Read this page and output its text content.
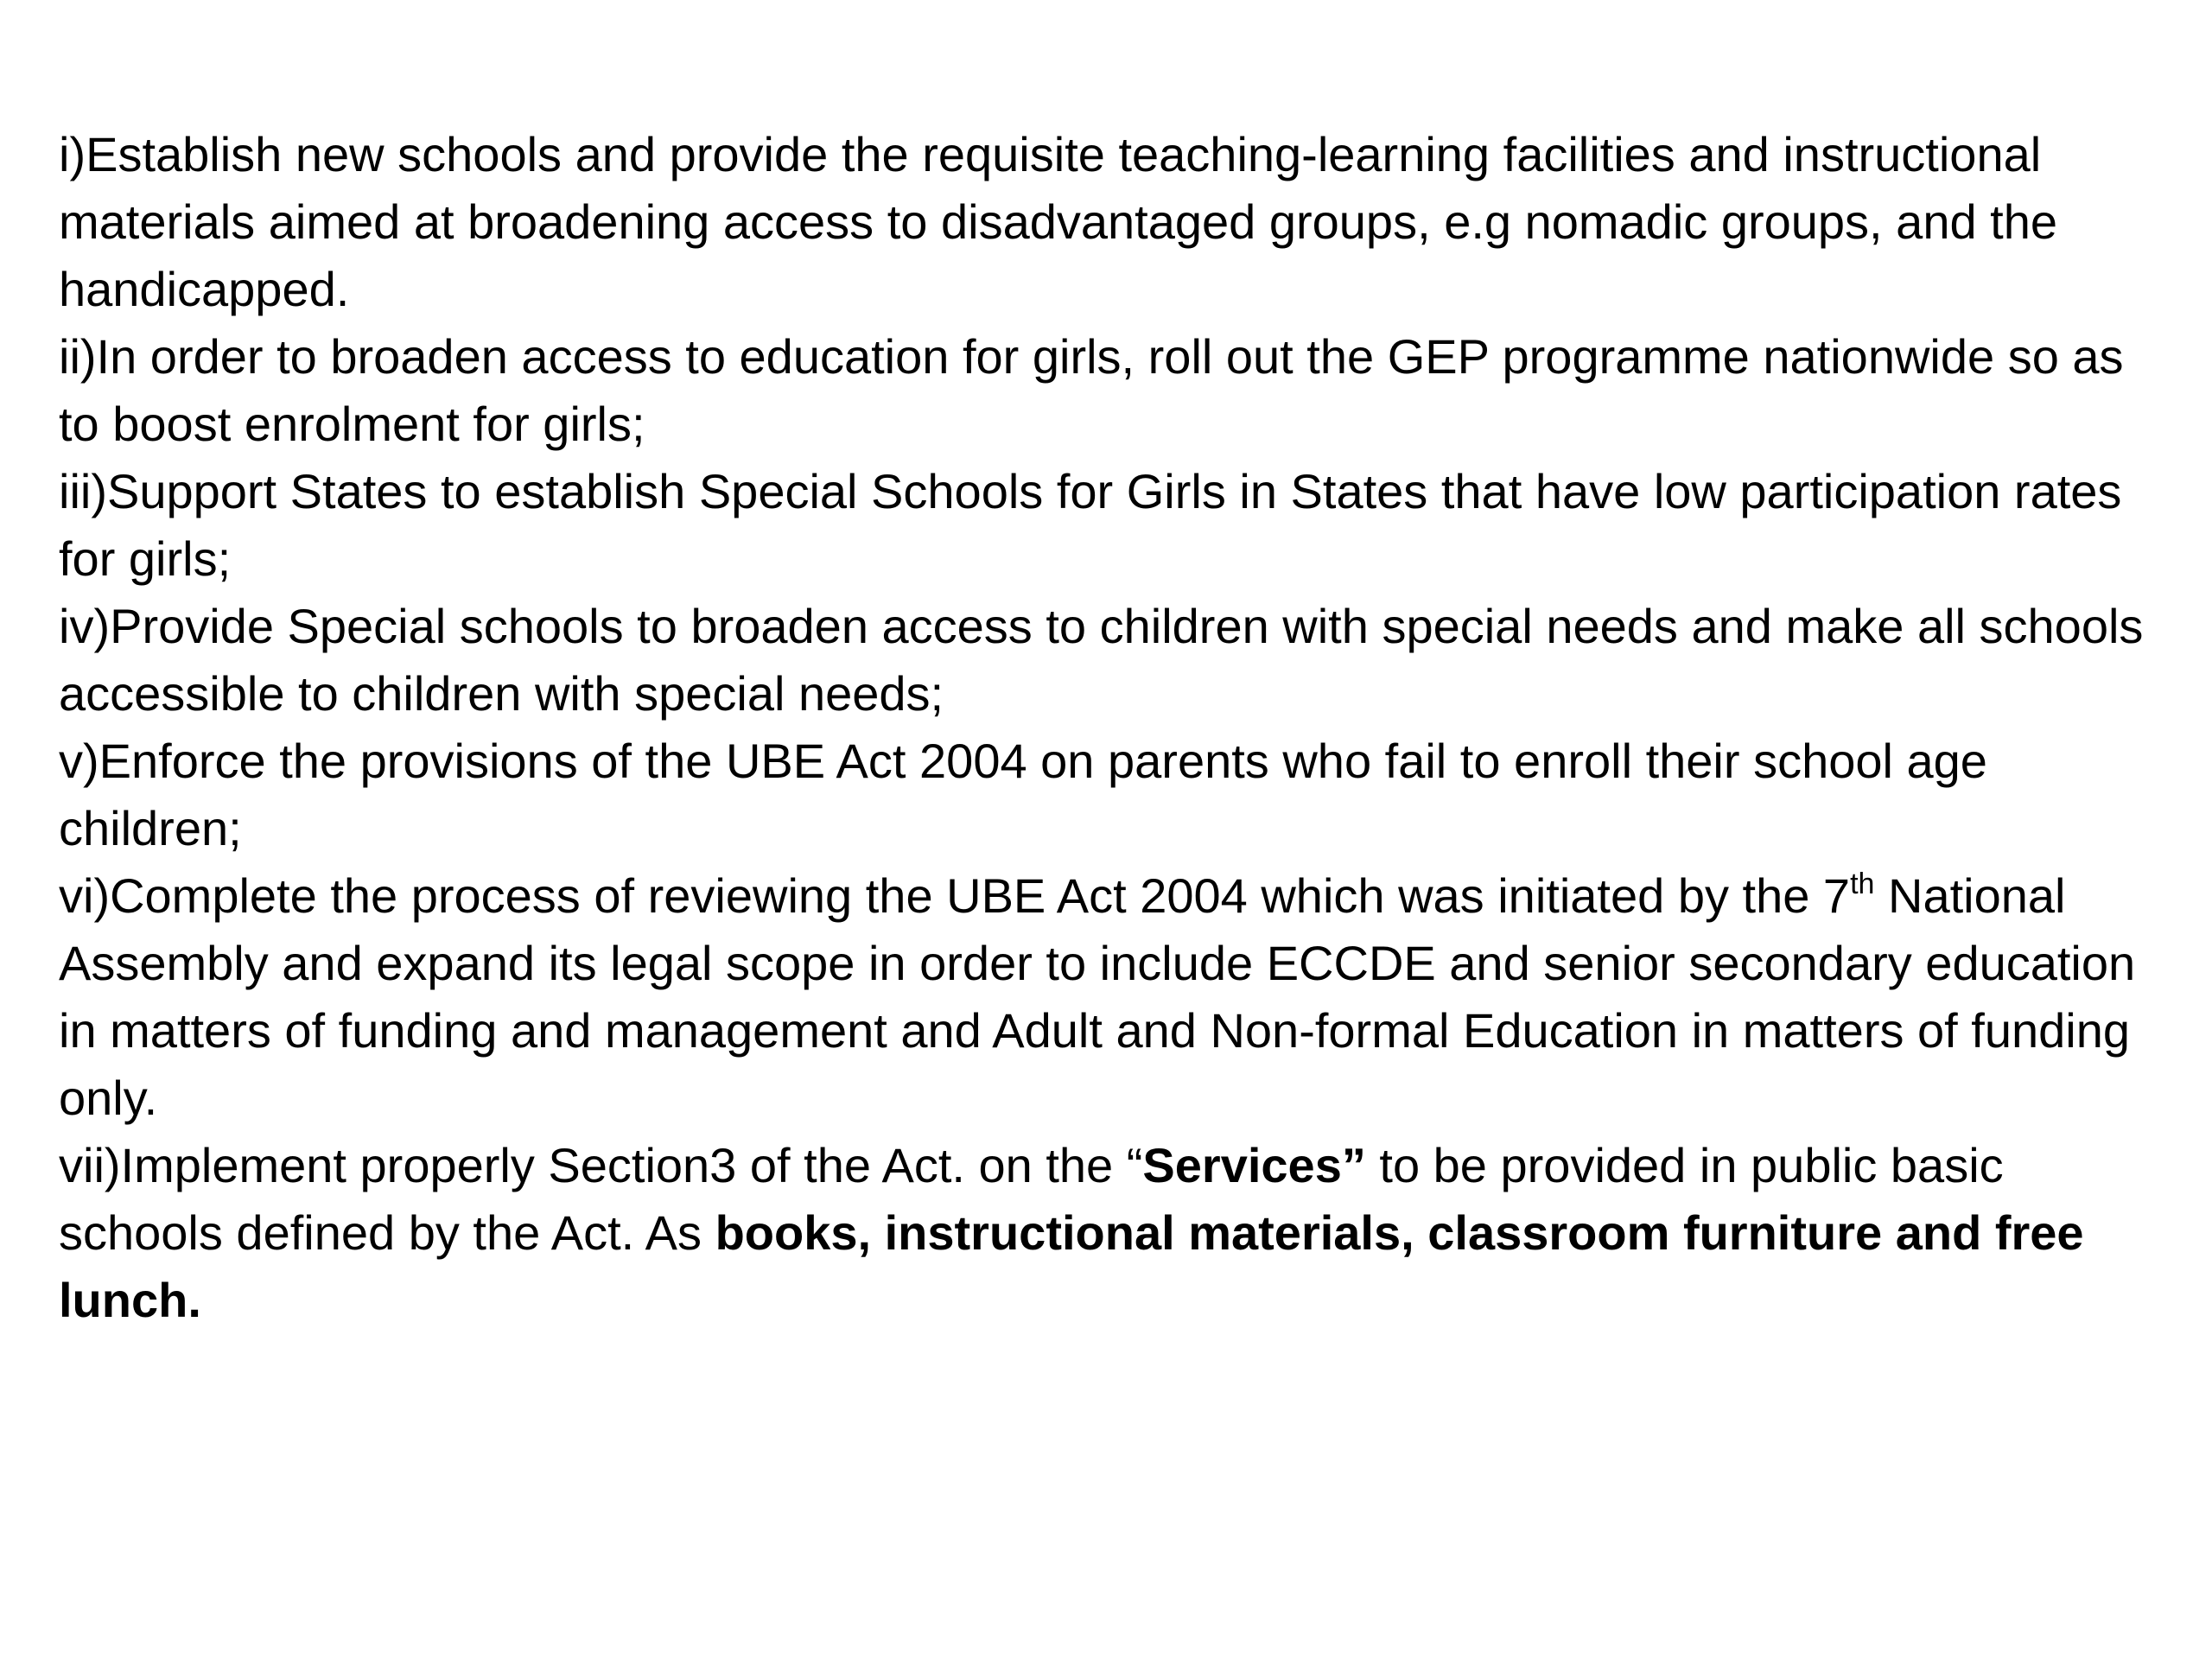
i)Establish new schools and provide the requisite teaching-learning facilities and instructional materials aimed at broadening access to disadvantaged groups, e.g nomadic groups, and the handicapped.

ii)In order to broaden access to education for girls, roll out the GEP programme nationwide so as to boost enrolment for girls;

iii)Support States to establish Special Schools for Girls in States that have low participation rates for girls;

iv)Provide Special schools to broaden access to children with special needs and make all schools accessible to children with special needs;

v)Enforce the provisions of the UBE Act 2004 on parents who fail to enroll their school age children;

vi)Complete the process of reviewing the UBE Act 2004 which was initiated by the 7th National Assembly and expand its legal scope in order to include ECCDE and senior secondary education in matters of funding and management and Adult and Non-formal Education in matters of funding only.

vii)Implement properly Section3 of the Act. on the “Services” to be provided in public basic schools defined by the Act. As books, instructional materials, classroom furniture and free lunch.
